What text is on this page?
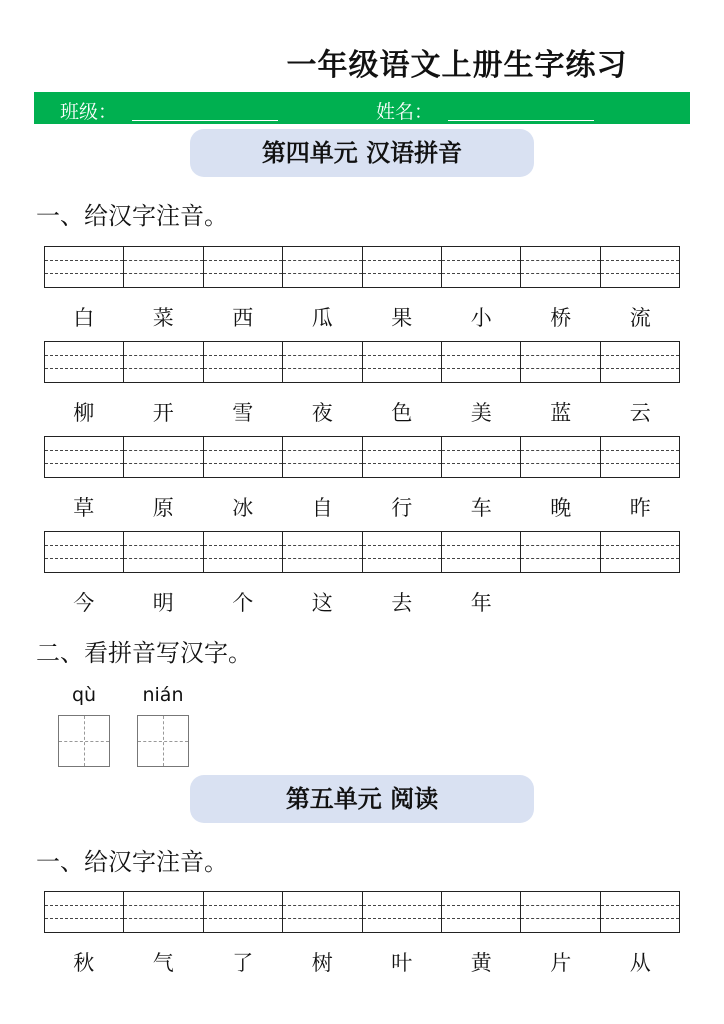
一年级语文上册生字练习
班级：	姓名：
第四单元 汉语拼音
一、给汉字注音。
白	菜	西	瓜	果	小	桥	流
柳	开	雪	夜	色	美	蓝	云
草	原	冰	自	行	车	晚	昨
今	明	个	这	去	年
二、看拼音写汉字。
qù	nián
第五单元 阅读
一、给汉字注音。
秋	气	了	树	叶	黄	片	从
